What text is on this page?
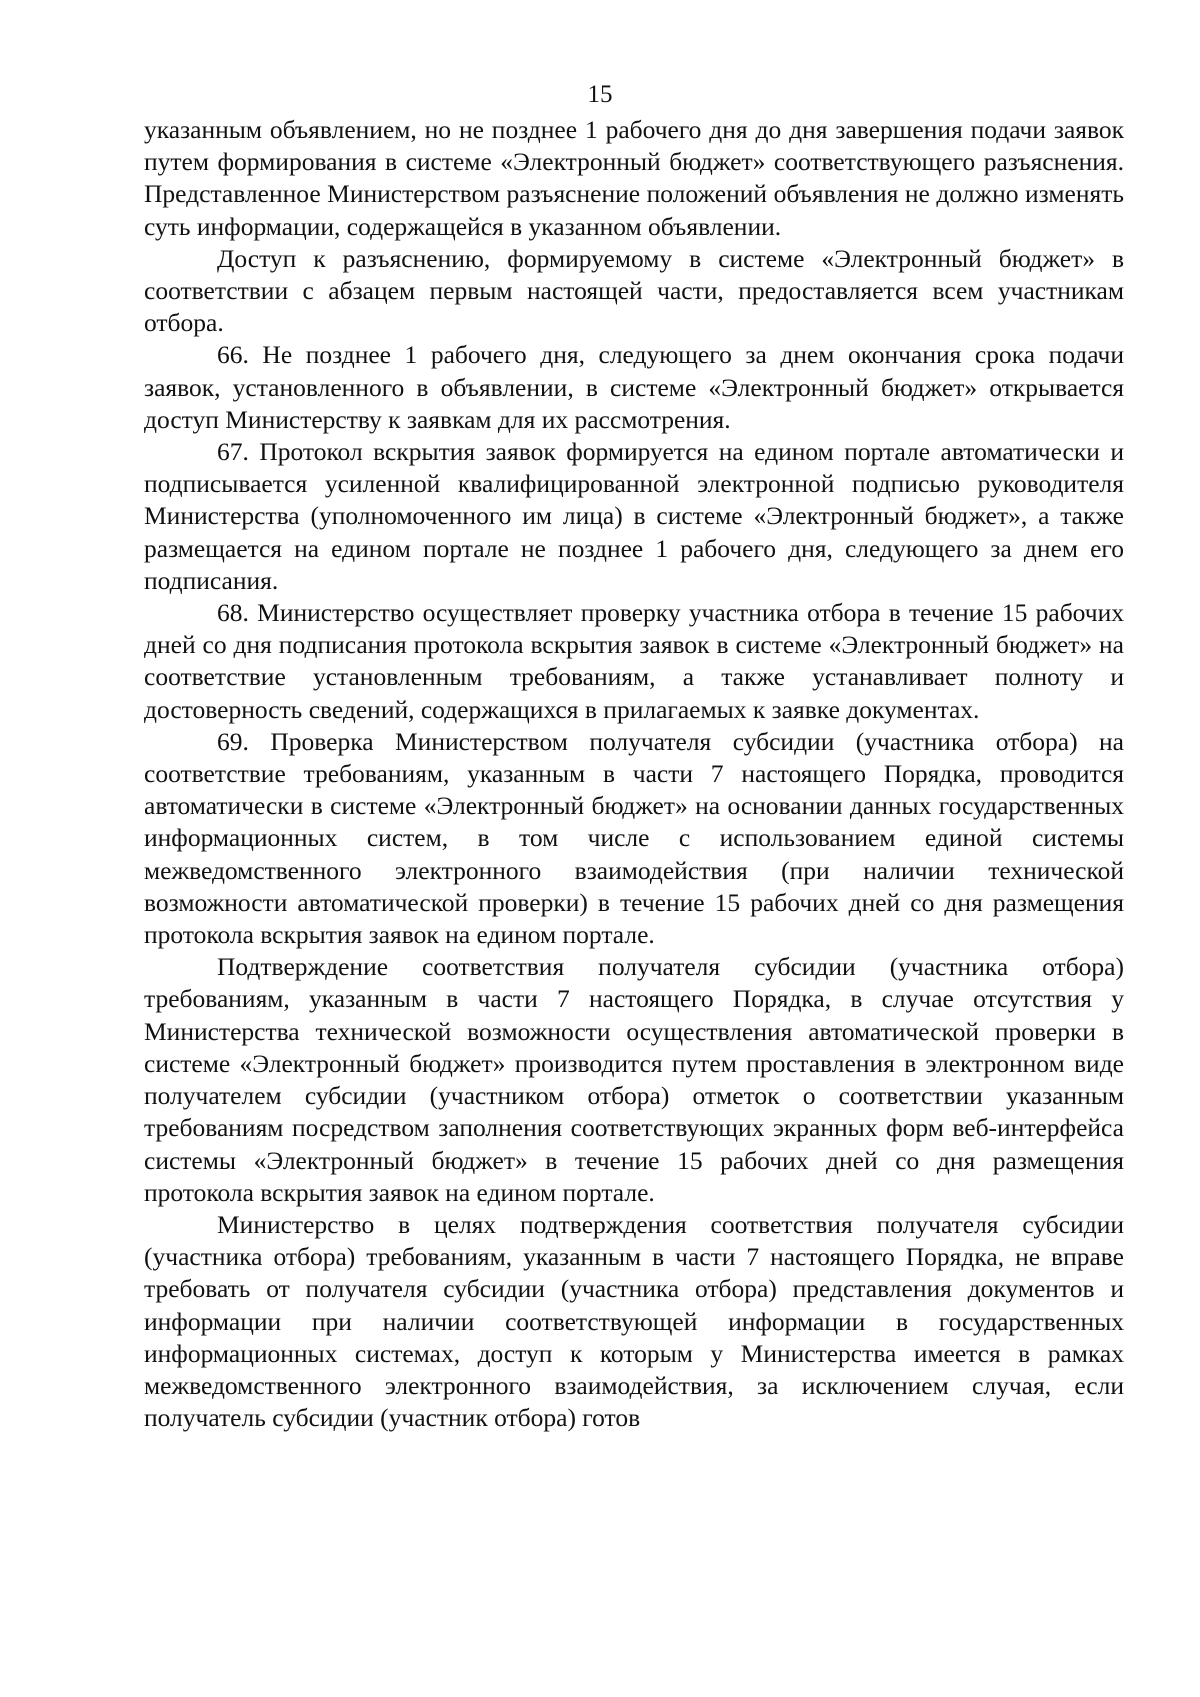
15

указанным объявлением, но не позднее 1 рабочего дня до дня завершения подачи заявок путем формирования в системе «Электронный бюджет» соответствующего разъяснения. Представленное Министерством разъяснение положений объявления не должно изменять суть информации, содержащейся в указанном объявлении.

Доступ к разъяснению, формируемому в системе «Электронный бюджет» в соответствии с абзацем первым настоящей части, предоставляется всем участникам отбора.

66. Не позднее 1 рабочего дня, следующего за днем окончания срока подачи заявок, установленного в объявлении, в системе «Электронный бюджет» открывается доступ Министерству к заявкам для их рассмотрения.

67. Протокол вскрытия заявок формируется на едином портале автоматически и подписывается усиленной квалифицированной электронной подписью руководителя Министерства (уполномоченного им лица) в системе «Электронный бюджет», а также размещается на едином портале не позднее 1 рабочего дня, следующего за днем его подписания.

68. Министерство осуществляет проверку участника отбора в течение 15 рабочих дней со дня подписания протокола вскрытия заявок в системе «Электронный бюджет» на соответствие установленным требованиям, а также устанавливает полноту и достоверность сведений, содержащихся в прилагаемых к заявке документах.

69. Проверка Министерством получателя субсидии (участника отбора) на соответствие требованиям, указанным в части 7 настоящего Порядка, проводится автоматически в системе «Электронный бюджет» на основании данных государственных информационных систем, в том числе с использованием единой системы межведомственного электронного взаимодействия (при наличии технической возможности автоматической проверки) в течение 15 рабочих дней со дня размещения протокола вскрытия заявок на едином портале.

Подтверждение соответствия получателя субсидии (участника отбора) требованиям, указанным в части 7 настоящего Порядка, в случае отсутствия у Министерства технической возможности осуществления автоматической проверки в системе «Электронный бюджет» производится путем проставления в электронном виде получателем субсидии (участником отбора) отметок о соответствии указанным требованиям посредством заполнения соответствующих экранных форм веб-интерфейса системы «Электронный бюджет» в течение 15 рабочих дней со дня размещения протокола вскрытия заявок на едином портале.

Министерство в целях подтверждения соответствия получателя субсидии (участника отбора) требованиям, указанным в части 7 настоящего Порядка, не вправе требовать от получателя субсидии (участника отбора) представления документов и информации при наличии соответствующей информации в государственных информационных системах, доступ к которым у Министерства имеется в рамках межведомственного электронного взаимодействия, за исключением случая, если получатель субсидии (участник отбора) готов
